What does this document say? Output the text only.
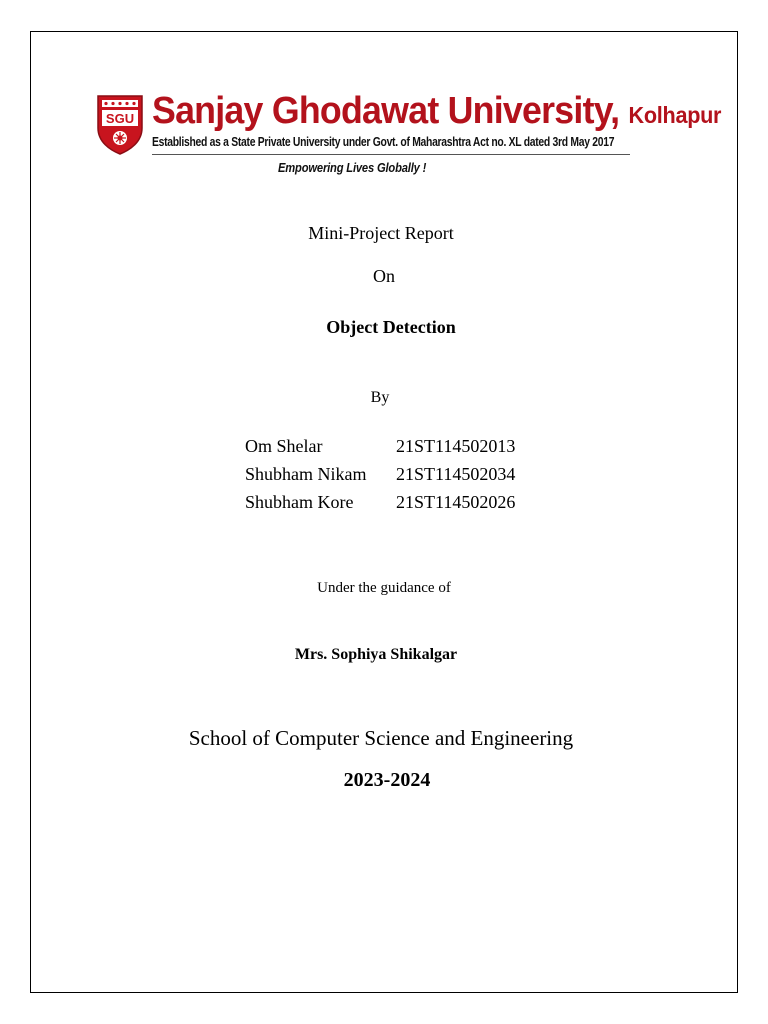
SGU Sanjay Ghodawat University, Kolhapur
Established as a State Private University under Govt. of Maharashtra Act no. XL dated 3rd May 2017
Empowering Lives Globally !
Mini-Project Report
On
Object Detection
By
Om Shelar	21ST114502013
Shubham Nikam 21ST114502034
Shubham Kore 21ST114502026
Under the guidance of
Mrs. Sophiya Shikalgar
School of Computer Science and Engineering
2023-2024
